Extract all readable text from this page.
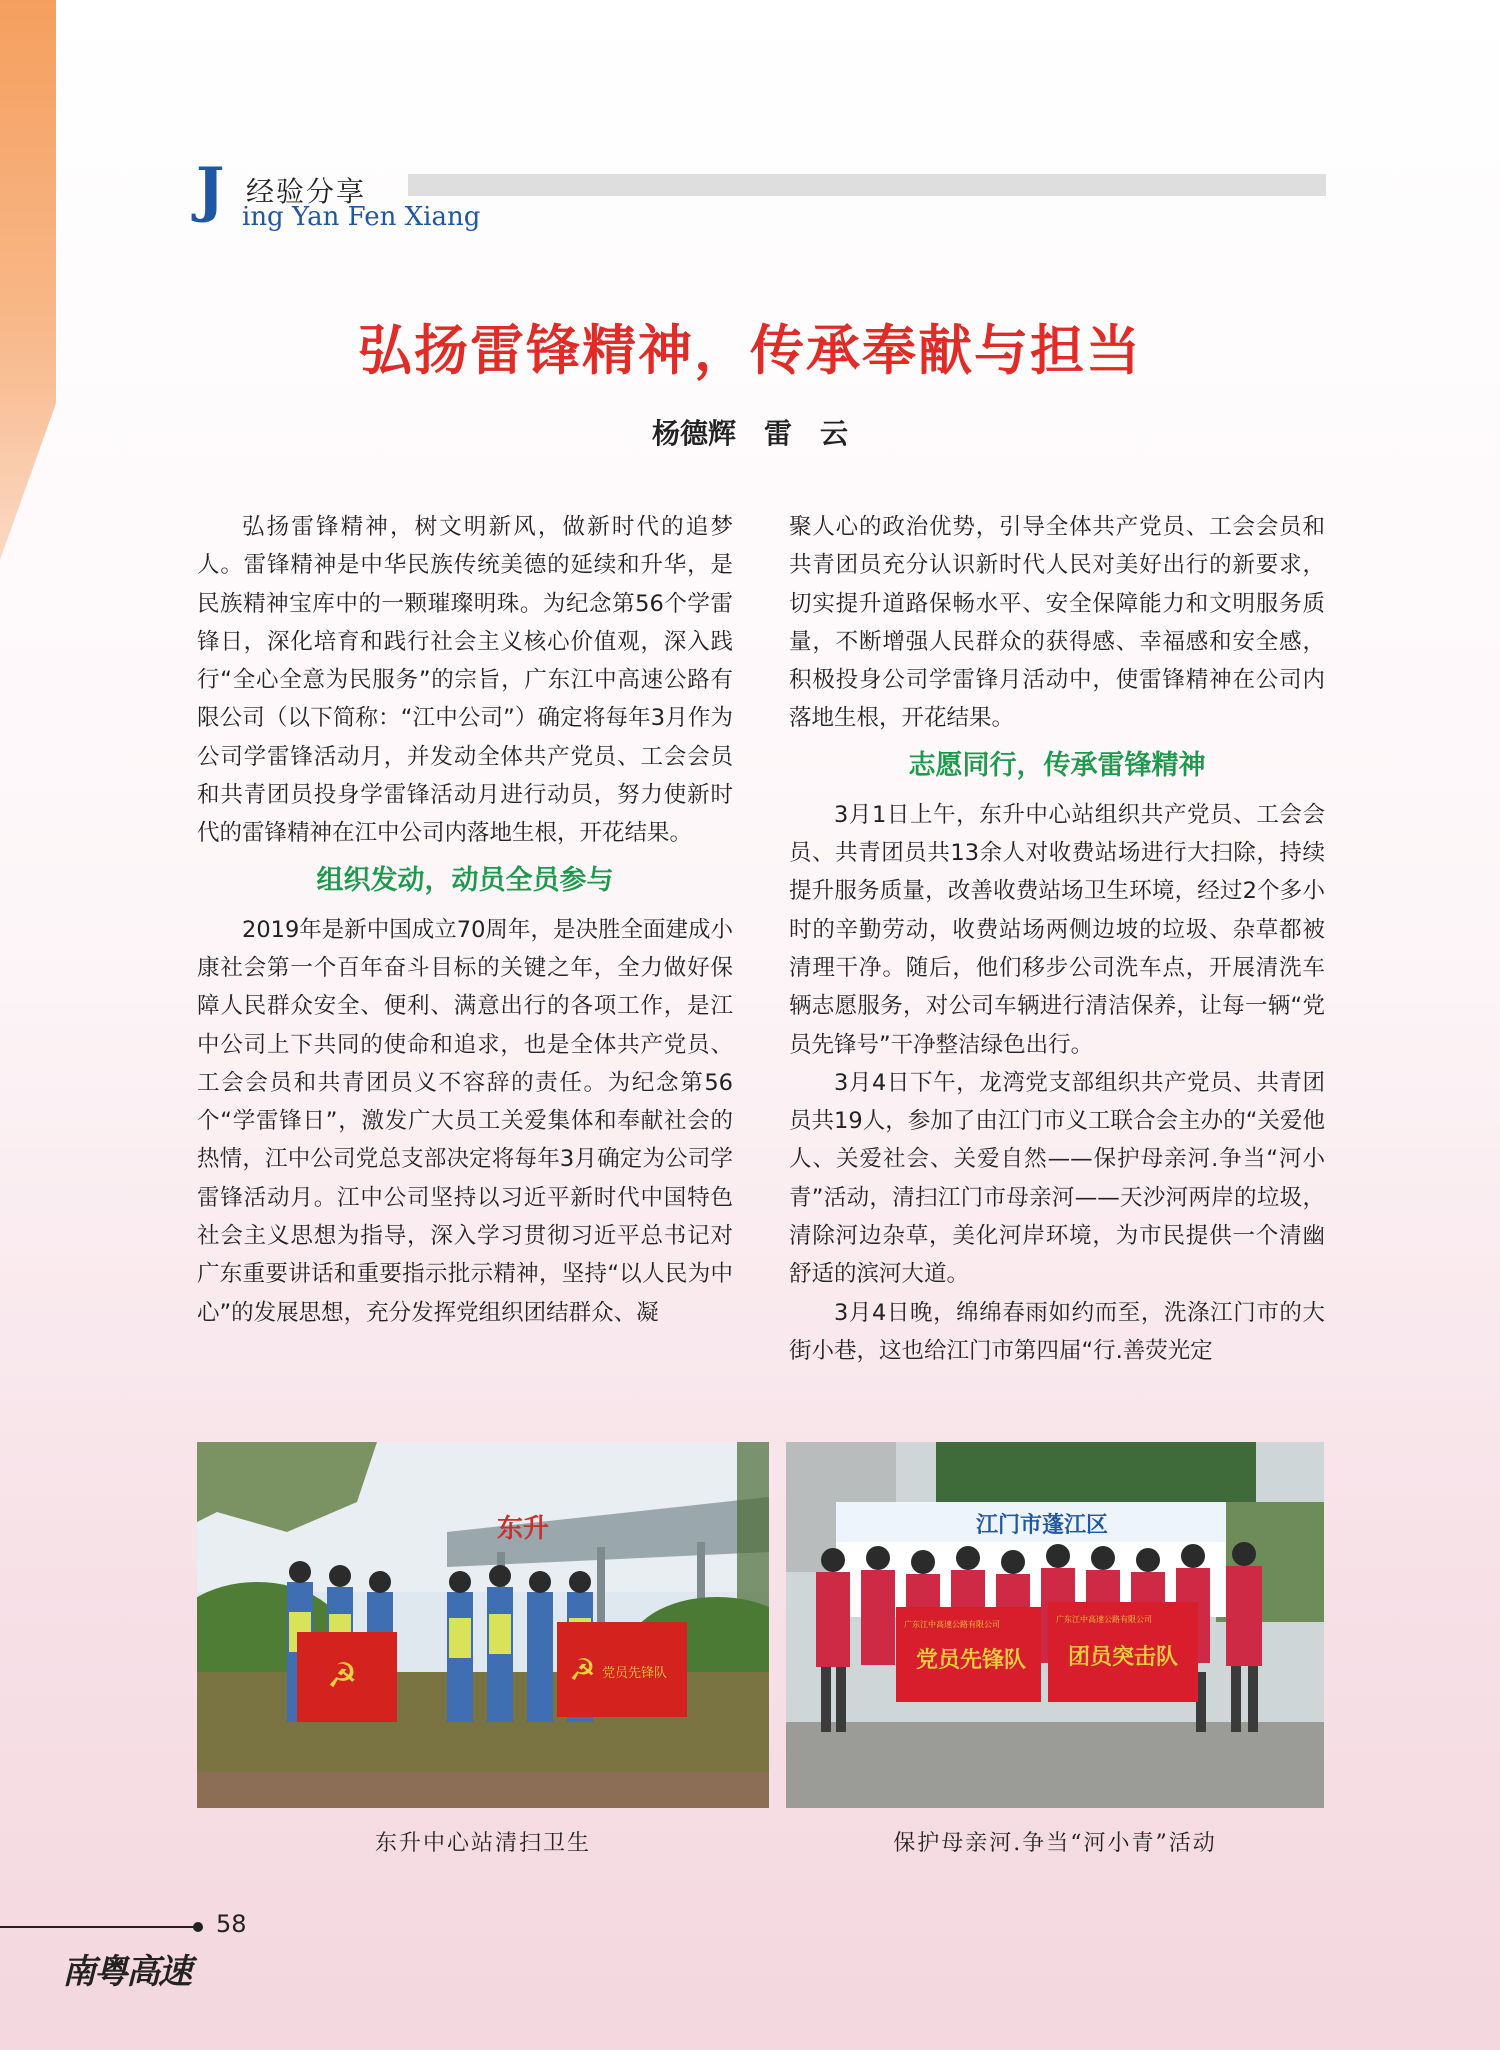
J 经验分享
ing Yan Fen Xiang
弘扬雷锋精神，传承奉献与担当
杨德辉　雷　云

弘扬雷锋精神，树文明新风，做新时代的追梦人。雷锋精神是中华民族传统美德的延续和升华，是民族精神宝库中的一颗璀璨明珠。为纪念第56个学雷锋日，深化培育和践行社会主义核心价值观，深入践行“全心全意为民服务”的宗旨，广东江中高速公路有限公司（以下简称：“江中公司”）确定将每年3月作为公司学雷锋活动月，并发动全体共产党员、工会会员和共青团员投身学雷锋活动月进行动员，努力使新时代的雷锋精神在江中公司内落地生根，开花结果。

组织发动，动员全员参与

2019年是新中国成立70周年，是决胜全面建成小康社会第一个百年奋斗目标的关键之年，全力做好保障人民群众安全、便利、满意出行的各项工作，是江中公司上下共同的使命和追求，也是全体共产党员、工会会员和共青团员义不容辞的责任。为纪念第56个“学雷锋日”，激发广大员工关爱集体和奉献社会的热情，江中公司党总支部决定将每年3月确定为公司学雷锋活动月。江中公司坚持以习近平新时代中国特色社会主义思想为指导，深入学习贯彻习近平总书记对广东重要讲话和重要指示批示精神，坚持“以人民为中心”的发展思想，充分发挥党组织团结群众、凝

聚人心的政治优势，引导全体共产党员、工会会员和共青团员充分认识新时代人民对美好出行的新要求，切实提升道路保畅水平、安全保障能力和文明服务质量，不断增强人民群众的获得感、幸福感和安全感，积极投身公司学雷锋月活动中，使雷锋精神在公司内落地生根，开花结果。

志愿同行，传承雷锋精神

3月1日上午，东升中心站组织共产党员、工会会员、共青团员共13余人对收费站场进行大扫除，持续提升服务质量，改善收费站场卫生环境，经过2个多小时的辛勤劳动，收费站场两侧边坡的垃圾、杂草都被清理干净。随后，他们移步公司洗车点，开展清洗车辆志愿服务，对公司车辆进行清洁保养，让每一辆“党员先锋号”干净整洁绿色出行。

3月4日下午，龙湾党支部组织共产党员、共青团员共19人，参加了由江门市义工联合会主办的“关爱他人、关爱社会、关爱自然——保护母亲河.争当“河小青”活动，清扫江门市母亲河——天沙河两岸的垃圾，清除河边杂草，美化河岸环境，为市民提供一个清幽舒适的滨河大道。

3月4日晚，绵绵春雨如约而至，洗涤江门市的大街小巷，这也给江门市第四届“行.善荧光定

东升
☭	☭ 党员先锋队
江门市蓬江区
广东江中高速公路有限公司
党员先锋队
广东江中高速公路有限公司
团员突击队
东升中心站清扫卫生	保护母亲河.争当“河小青”活动
58
南粤高速
